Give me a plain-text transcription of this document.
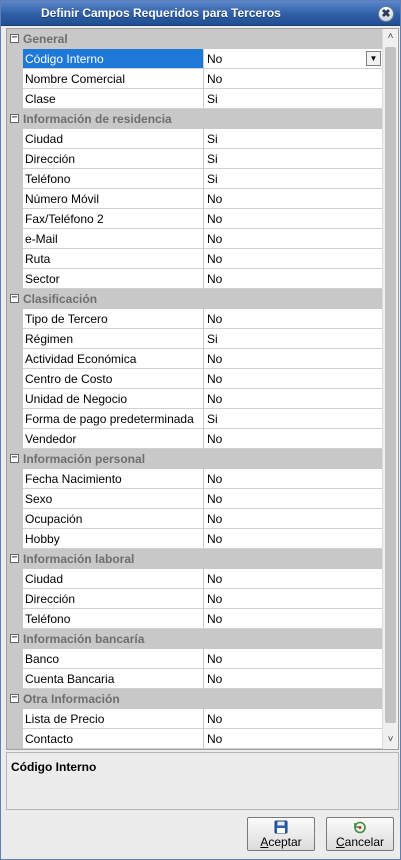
Definir Campos Requeridos para Terceros	✖
− General
Código Interno	No	▼
Nombre Comercial	No
Clase	Si
− Información de residencia
Ciudad	Si
Dirección	Si
Teléfono	Si
Número Móvil	No
Fax/Teléfono 2	No
e-Mail	No
Ruta	No
Sector	No
− Clasificación
Tipo de Tercero	No
Régimen	Si
Actividad Económica	No
Centro de Costo	No
Unidad de Negocio	No
Forma de pago predeterminada	Si
Vendedor	No
− Información personal
Fecha Nacimiento	No
Sexo	No
Ocupación	No
Hobby	No
− Información laboral
Ciudad	No
Dirección	No
Teléfono	No
− Información bancaría
Banco	No
Cuenta Bancaria	No
− Otra Información
Lista de Precio	No
Contacto	No
˄
˅
Código Interno
Aceptar	Cancelar
